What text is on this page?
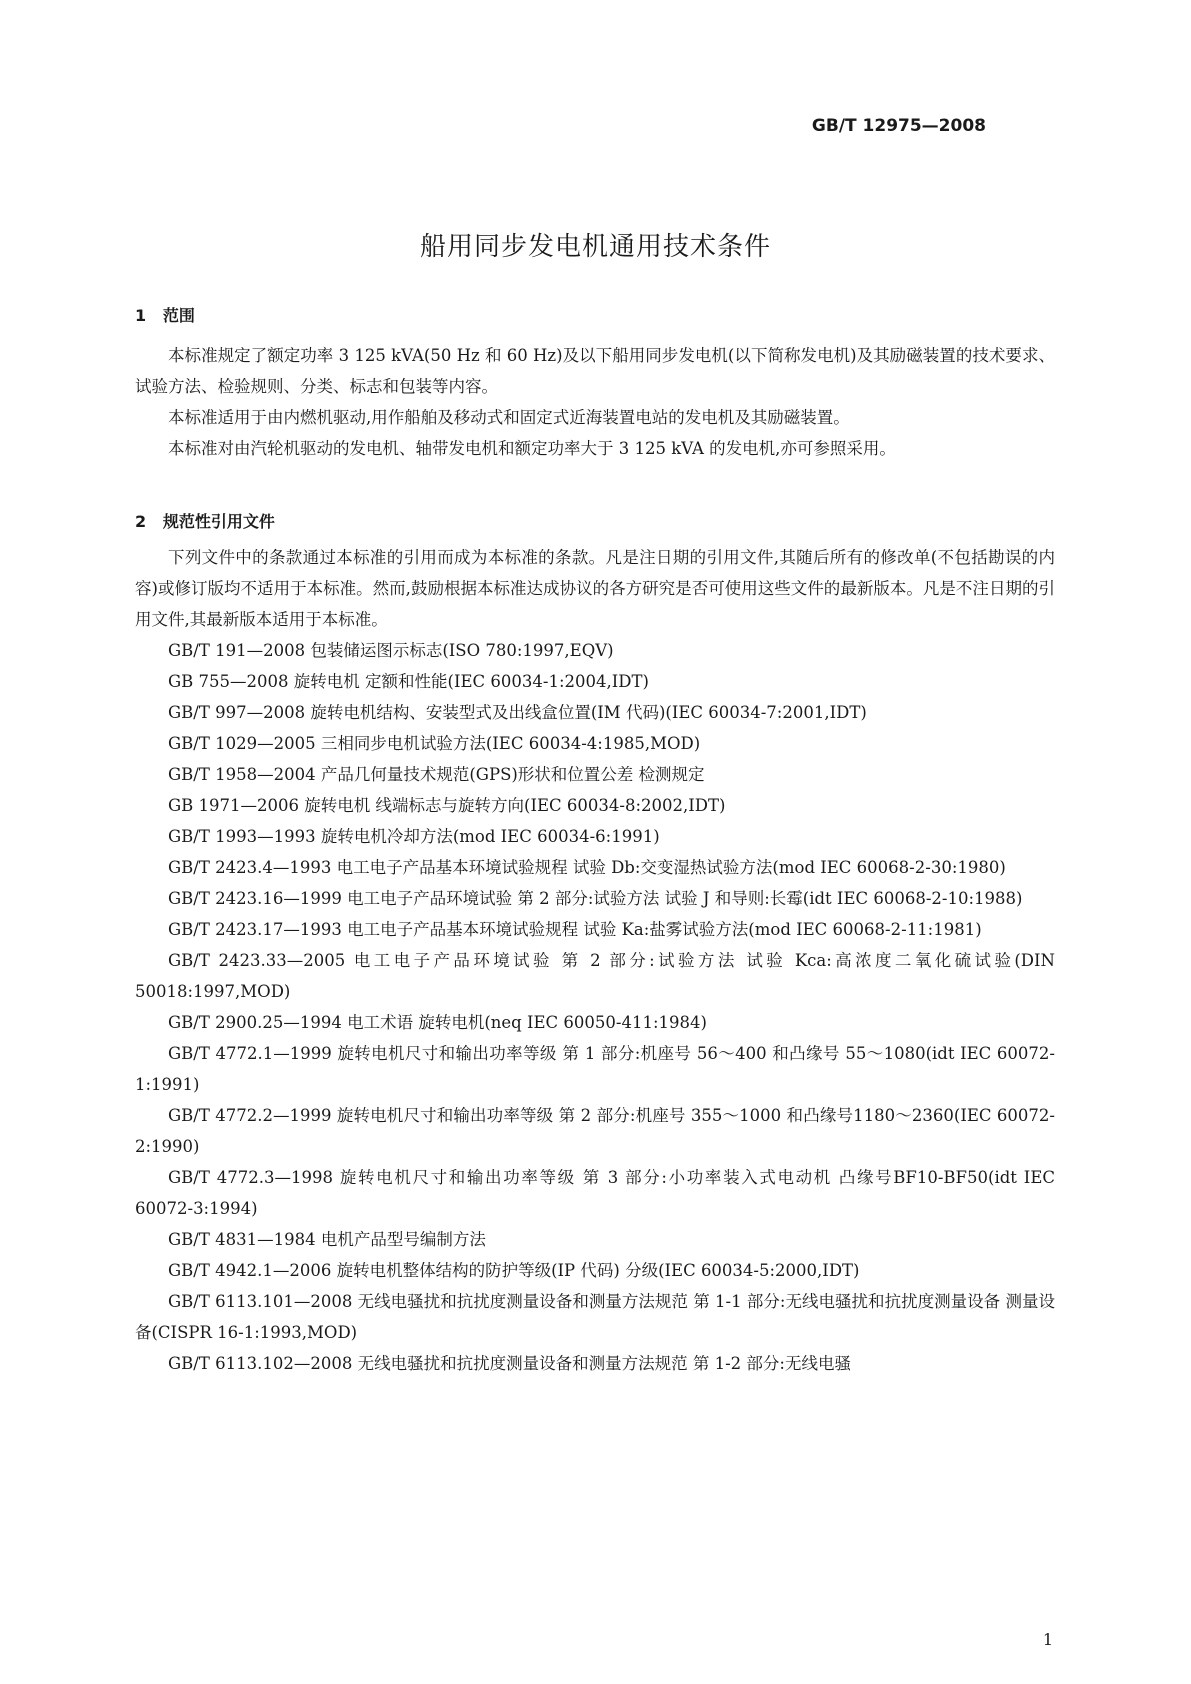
GB/T 12975—2008
船用同步发电机通用技术条件
1   范围

本标准规定了额定功率 3 125 kVA(50 Hz 和 60 Hz)及以下船用同步发电机(以下简称发电机)及其励磁装置的技术要求、试验方法、检验规则、分类、标志和包装等内容。

本标准适用于由内燃机驱动,用作船舶及移动式和固定式近海装置电站的发电机及其励磁装置。

本标准对由汽轮机驱动的发电机、轴带发电机和额定功率大于 3 125 kVA 的发电机,亦可参照采用。

2   规范性引用文件

下列文件中的条款通过本标准的引用而成为本标准的条款。凡是注日期的引用文件,其随后所有的修改单(不包括勘误的内容)或修订版均不适用于本标准。然而,鼓励根据本标准达成协议的各方研究是否可使用这些文件的最新版本。凡是不注日期的引用文件,其最新版本适用于本标准。

GB/T 191—2008 包装储运图示标志(ISO 780:1997,EQV)

GB 755—2008 旋转电机 定额和性能(IEC 60034-1:2004,IDT)

GB/T 997—2008 旋转电机结构、安装型式及出线盒位置(IM 代码)(IEC 60034-7:2001,IDT)

GB/T 1029—2005 三相同步电机试验方法(IEC 60034-4:1985,MOD)

GB/T 1958—2004 产品几何量技术规范(GPS)形状和位置公差 检测规定

GB 1971—2006 旋转电机 线端标志与旋转方向(IEC 60034-8:2002,IDT)

GB/T 1993—1993 旋转电机冷却方法(mod IEC 60034-6:1991)

GB/T 2423.4—1993 电工电子产品基本环境试验规程 试验 Db:交变湿热试验方法(mod IEC 60068-2-30:1980)

GB/T 2423.16—1999 电工电子产品环境试验 第 2 部分:试验方法 试验 J 和导则:长霉(idt IEC 60068-2-10:1988)

GB/T 2423.17—1993 电工电子产品基本环境试验规程 试验 Ka:盐雾试验方法(mod IEC 60068-2-11:1981)

GB/T 2423.33—2005 电工电子产品环境试验 第 2 部分:试验方法 试验 Kca:高浓度二氧化硫试验(DIN 50018:1997,MOD)

GB/T 2900.25—1994 电工术语 旋转电机(neq IEC 60050-411:1984)

GB/T 4772.1—1999 旋转电机尺寸和输出功率等级 第 1 部分:机座号 56～400 和凸缘号 55～1080(idt IEC 60072-1:1991)

GB/T 4772.2—1999 旋转电机尺寸和输出功率等级 第 2 部分:机座号 355～1000 和凸缘号1180～2360(IEC 60072-2:1990)

GB/T 4772.3—1998 旋转电机尺寸和输出功率等级 第 3 部分:小功率装入式电动机 凸缘号BF10-BF50(idt IEC 60072-3:1994)

GB/T 4831—1984 电机产品型号编制方法

GB/T 4942.1—2006 旋转电机整体结构的防护等级(IP 代码) 分级(IEC 60034-5:2000,IDT)

GB/T 6113.101—2008 无线电骚扰和抗扰度测量设备和测量方法规范 第 1-1 部分:无线电骚扰和抗扰度测量设备 测量设备(CISPR 16-1:1993,MOD)

GB/T 6113.102—2008 无线电骚扰和抗扰度测量设备和测量方法规范 第 1-2 部分:无线电骚

1
